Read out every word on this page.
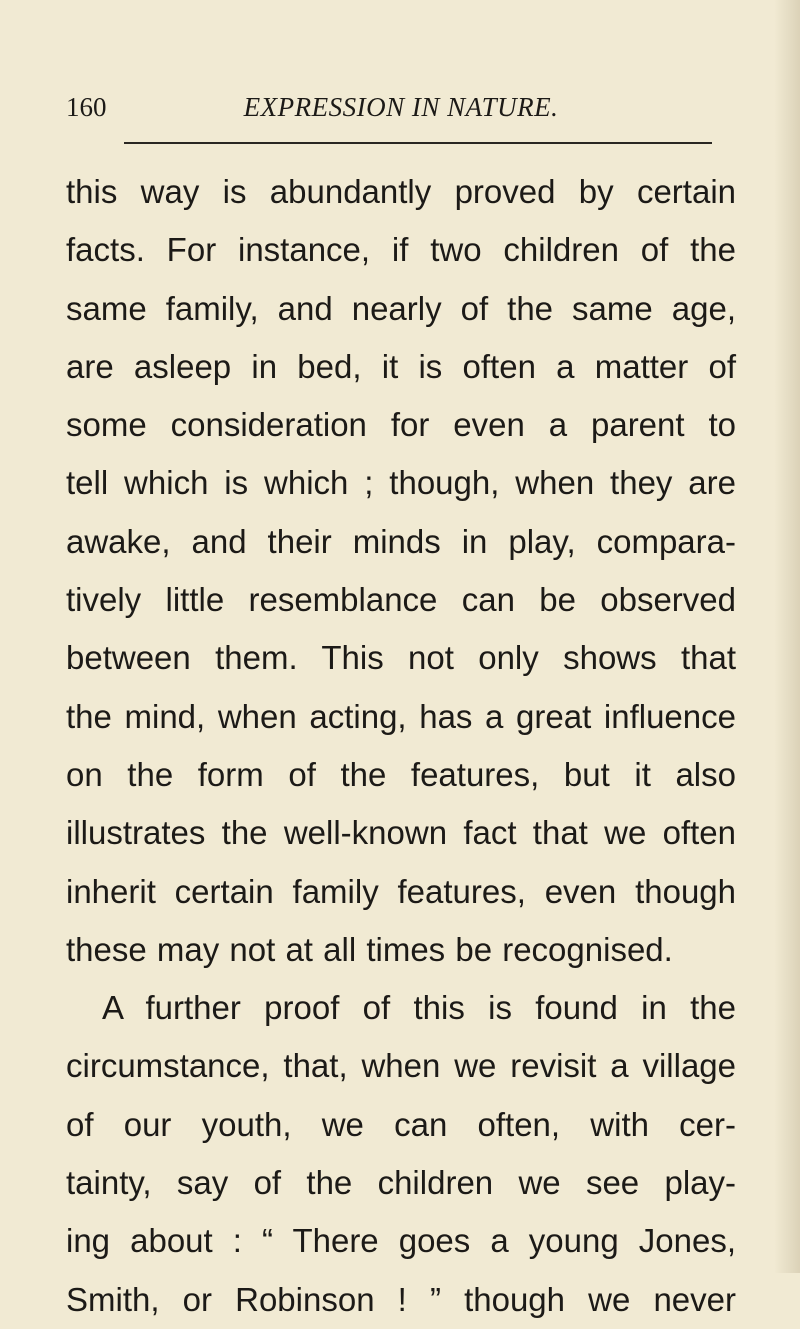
160	EXPRESSION IN NATURE.
this way is abundantly proved by certain
facts. For instance, if two children of the
same family, and nearly of the same age,
are asleep in bed, it is often a matter of
some consideration for even a parent to
tell which is which ; though, when they are
awake, and their minds in play, compara-
tively little resemblance can be observed
between them. This not only shows that
the mind, when acting, has a great influence
on the form of the features, but it also
illustrates the well-known fact that we often
inherit certain family features, even though
these may not at all times be recognised.
A further proof of this is found in the
circumstance, that, when we revisit a village
of our youth, we can often, with cer-
tainty, say of the children we see play-
ing about : “ There goes a young Jones,
Smith, or Robinson ! ” though we never
